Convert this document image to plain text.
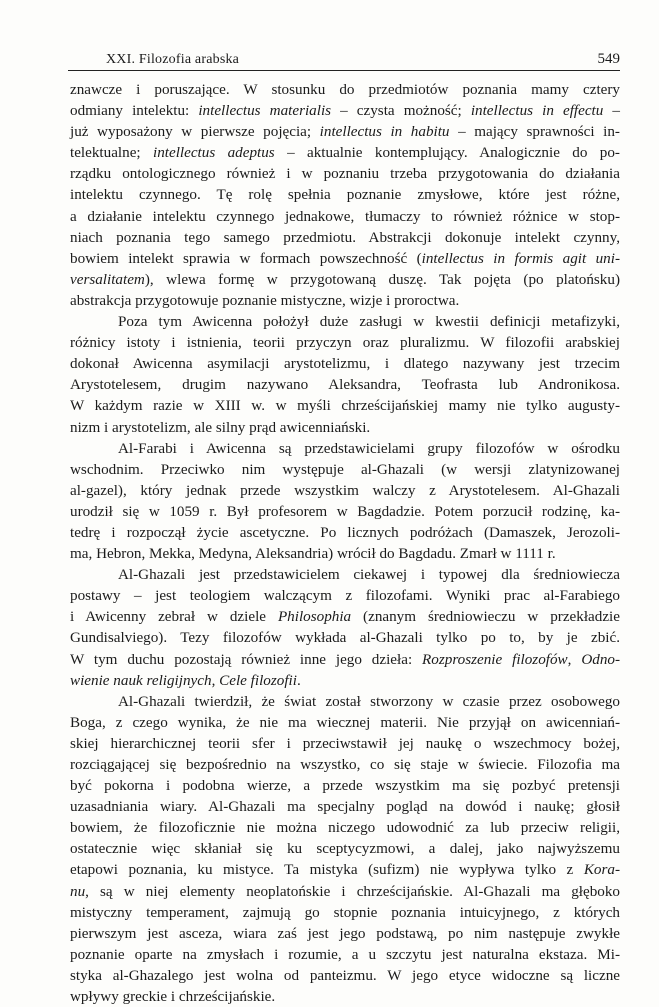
XXI. Filozofia arabska	549
znawcze i poruszające. W stosunku do przedmiotów poznania mamy cztery
odmiany intelektu: intellectus materialis – czysta możność; intellectus in effectu –
już wyposażony w pierwsze pojęcia; intellectus in habitu – mający sprawności in-
telektualne; intellectus adeptus – aktualnie kontemplujący. Analogicznie do po-
rządku ontologicznego również i w poznaniu trzeba przygotowania do działania
intelektu czynnego. Tę rolę spełnia poznanie zmysłowe, które jest różne,
a działanie intelektu czynnego jednakowe, tłumaczy to również różnice w stop-
niach poznania tego samego przedmiotu. Abstrakcji dokonuje intelekt czynny,
bowiem intelekt sprawia w formach powszechność (intellectus in formis agit uni-
versalitatem), wlewa formę w przygotowaną duszę. Tak pojęta (po platońsku)
abstrakcja przygotowuje poznanie mistyczne, wizje i proroctwa.
Poza tym Awicenna położył duże zasługi w kwestii definicji metafizyki,
różnicy istoty i istnienia, teorii przyczyn oraz pluralizmu. W filozofii arabskiej
dokonał Awicenna asymilacji arystotelizmu, i dlatego nazywany jest trzecim
Arystotelesem, drugim nazywano Aleksandra, Teofrasta lub Andronikosa.
W każdym razie w XIII w. w myśli chrześcijańskiej mamy nie tylko augusty-
nizm i arystotelizm, ale silny prąd awicenniański.
Al-Farabi i Awicenna są przedstawicielami grupy filozofów w ośrodku
wschodnim. Przeciwko nim występuje al-Ghazali (w wersji zlatynizowanej
al-gazel), który jednak przede wszystkim walczy z Arystotelesem. Al-Ghazali
urodził się w 1059 r. Był profesorem w Bagdadzie. Potem porzucił rodzinę, ka-
tedrę i rozpoczął życie ascetyczne. Po licznych podróżach (Damaszek, Jerozoli-
ma, Hebron, Mekka, Medyna, Aleksandria) wrócił do Bagdadu. Zmarł w 1111 r.
Al-Ghazali jest przedstawicielem ciekawej i typowej dla średniowiecza
postawy – jest teologiem walczącym z filozofami. Wyniki prac al-Farabiego
i Awicenny zebrał w dziele Philosophia (znanym średniowieczu w przekładzie
Gundisalviego). Tezy filozofów wykłada al-Ghazali tylko po to, by je zbić.
W tym duchu pozostają również inne jego dzieła: Rozproszenie filozofów, Odno-
wienie nauk religijnych, Cele filozofii.
Al-Ghazali twierdził, że świat został stworzony w czasie przez osobowego
Boga, z czego wynika, że nie ma wiecznej materii. Nie przyjął on awicenniań-
skiej hierarchicznej teorii sfer i przeciwstawił jej naukę o wszechmocy bożej,
rozciągającej się bezpośrednio na wszystko, co się staje w świecie. Filozofia ma
być pokorna i podobna wierze, a przede wszystkim ma się pozbyć pretensji
uzasadniania wiary. Al-Ghazali ma specjalny pogląd na dowód i naukę; głosił
bowiem, że filozoficznie nie można niczego udowodnić za lub przeciw religii,
ostatecznie więc skłaniał się ku sceptycyzmowi, a dalej, jako najwyższemu
etapowi poznania, ku mistyce. Ta mistyka (sufizm) nie wypływa tylko z Kora-
nu, są w niej elementy neoplatońskie i chrześcijańskie. Al-Ghazali ma głęboko
mistyczny temperament, zajmują go stopnie poznania intuicyjnego, z których
pierwszym jest asceza, wiara zaś jest jego podstawą, po nim następuje zwykłe
poznanie oparte na zmysłach i rozumie, a u szczytu jest naturalna ekstaza. Mi-
styka al-Ghazalego jest wolna od panteizmu. W jego etyce widoczne są liczne
wpływy greckie i chrześcijańskie.
